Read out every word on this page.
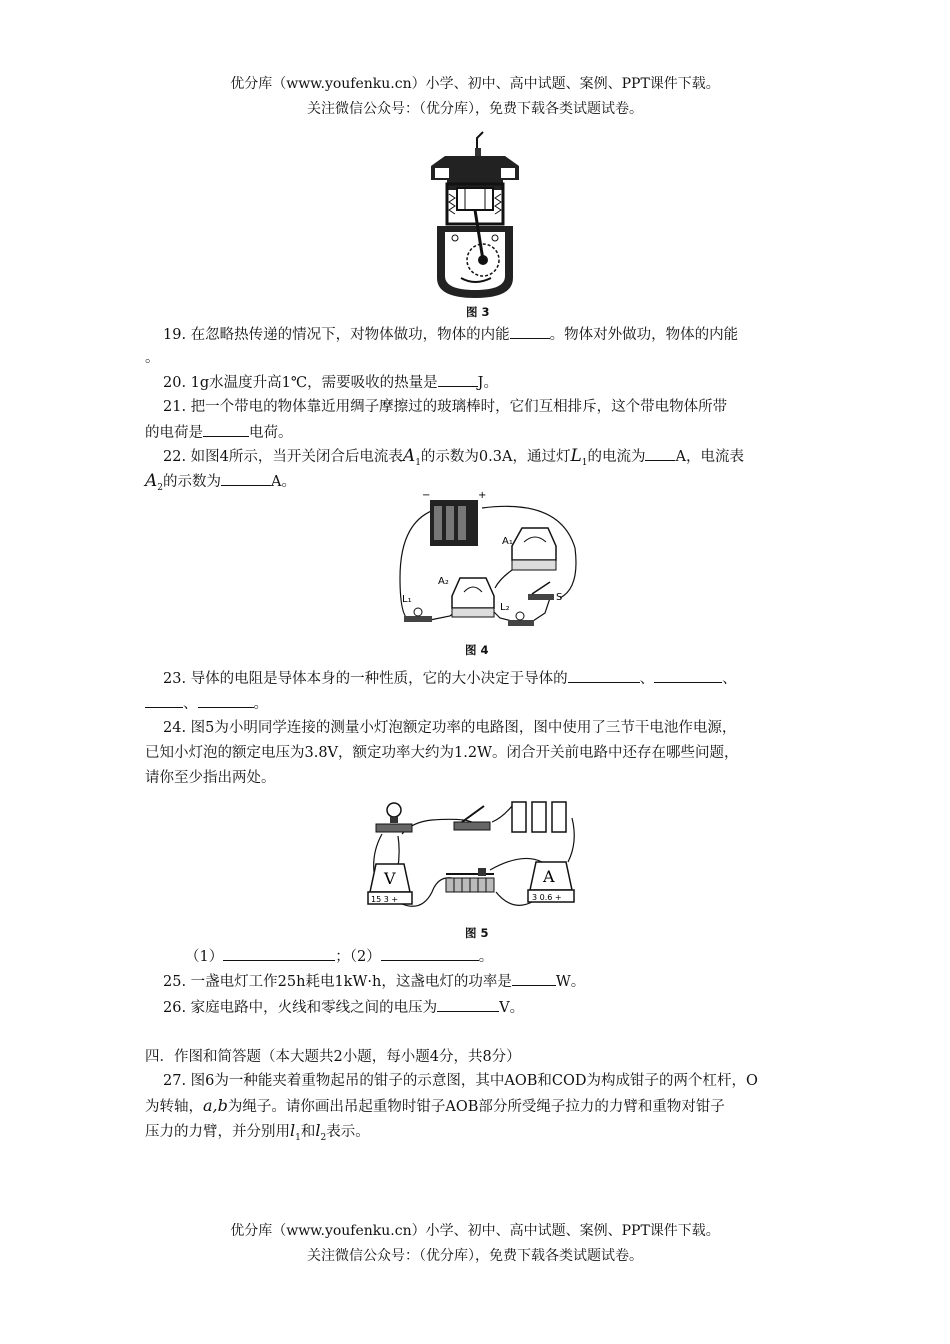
优分库（www.youfenku.cn）小学、初中、高中试题、案例、PPT课件下载。
关注微信公众号：（优分库），免费下载各类试题试卷。
图 3
19. 在忽略热传递的情况下，对物体做功，物体的内能	。物体对外做功，物体的内能
。
20. 1g水温度升高1℃，需要吸收的热量是	J。
21. 把一个带电的物体靠近用绸子摩擦过的玻璃棒时，它们互相排斥，这个带电物体所带
的电荷是	电荷。
22. 如图4所示，当开关闭合后电流表$A_1$的示数为0.3A，通过灯$L_1$的电流为 A，电流表
$A_2$的示数为	A。
−	+
A₁
A₂
L₁
L₂
S
图 4
23. 导体的电阻是导体本身的一种性质，它的大小决定于导体的	、	、
、	。
24. 图5为小明同学连接的测量小灯泡额定功率的电路图，图中使用了三节干电池作电源，
已知小灯泡的额定电压为3.8V，额定功率大约为1.2W。闭合开关前电路中还存在哪些问题，
请你至少指出两处。
V
15 3 +
A
3 0.6 +
图 5
（1）	；（2）	。
25. 一盏电灯工作25h耗电1kW·h，这盏电灯的功率是	W。
26. 家庭电路中，火线和零线之间的电压为	V。
四．作图和简答题（本大题共2小题，每小题4分，共8分）
27. 图6为一种能夹着重物起吊的钳子的示意图，其中AOB和COD为构成钳子的两个杠杆，O
为转轴，a,b为绳子。请你画出吊起重物时钳子AOB部分所受绳子拉力的力臂和重物对钳子
压力的力臂，并分别用$l_1$和$l_2$表示。
优分库（www.youfenku.cn）小学、初中、高中试题、案例、PPT课件下载。
关注微信公众号：（优分库），免费下载各类试题试卷。
